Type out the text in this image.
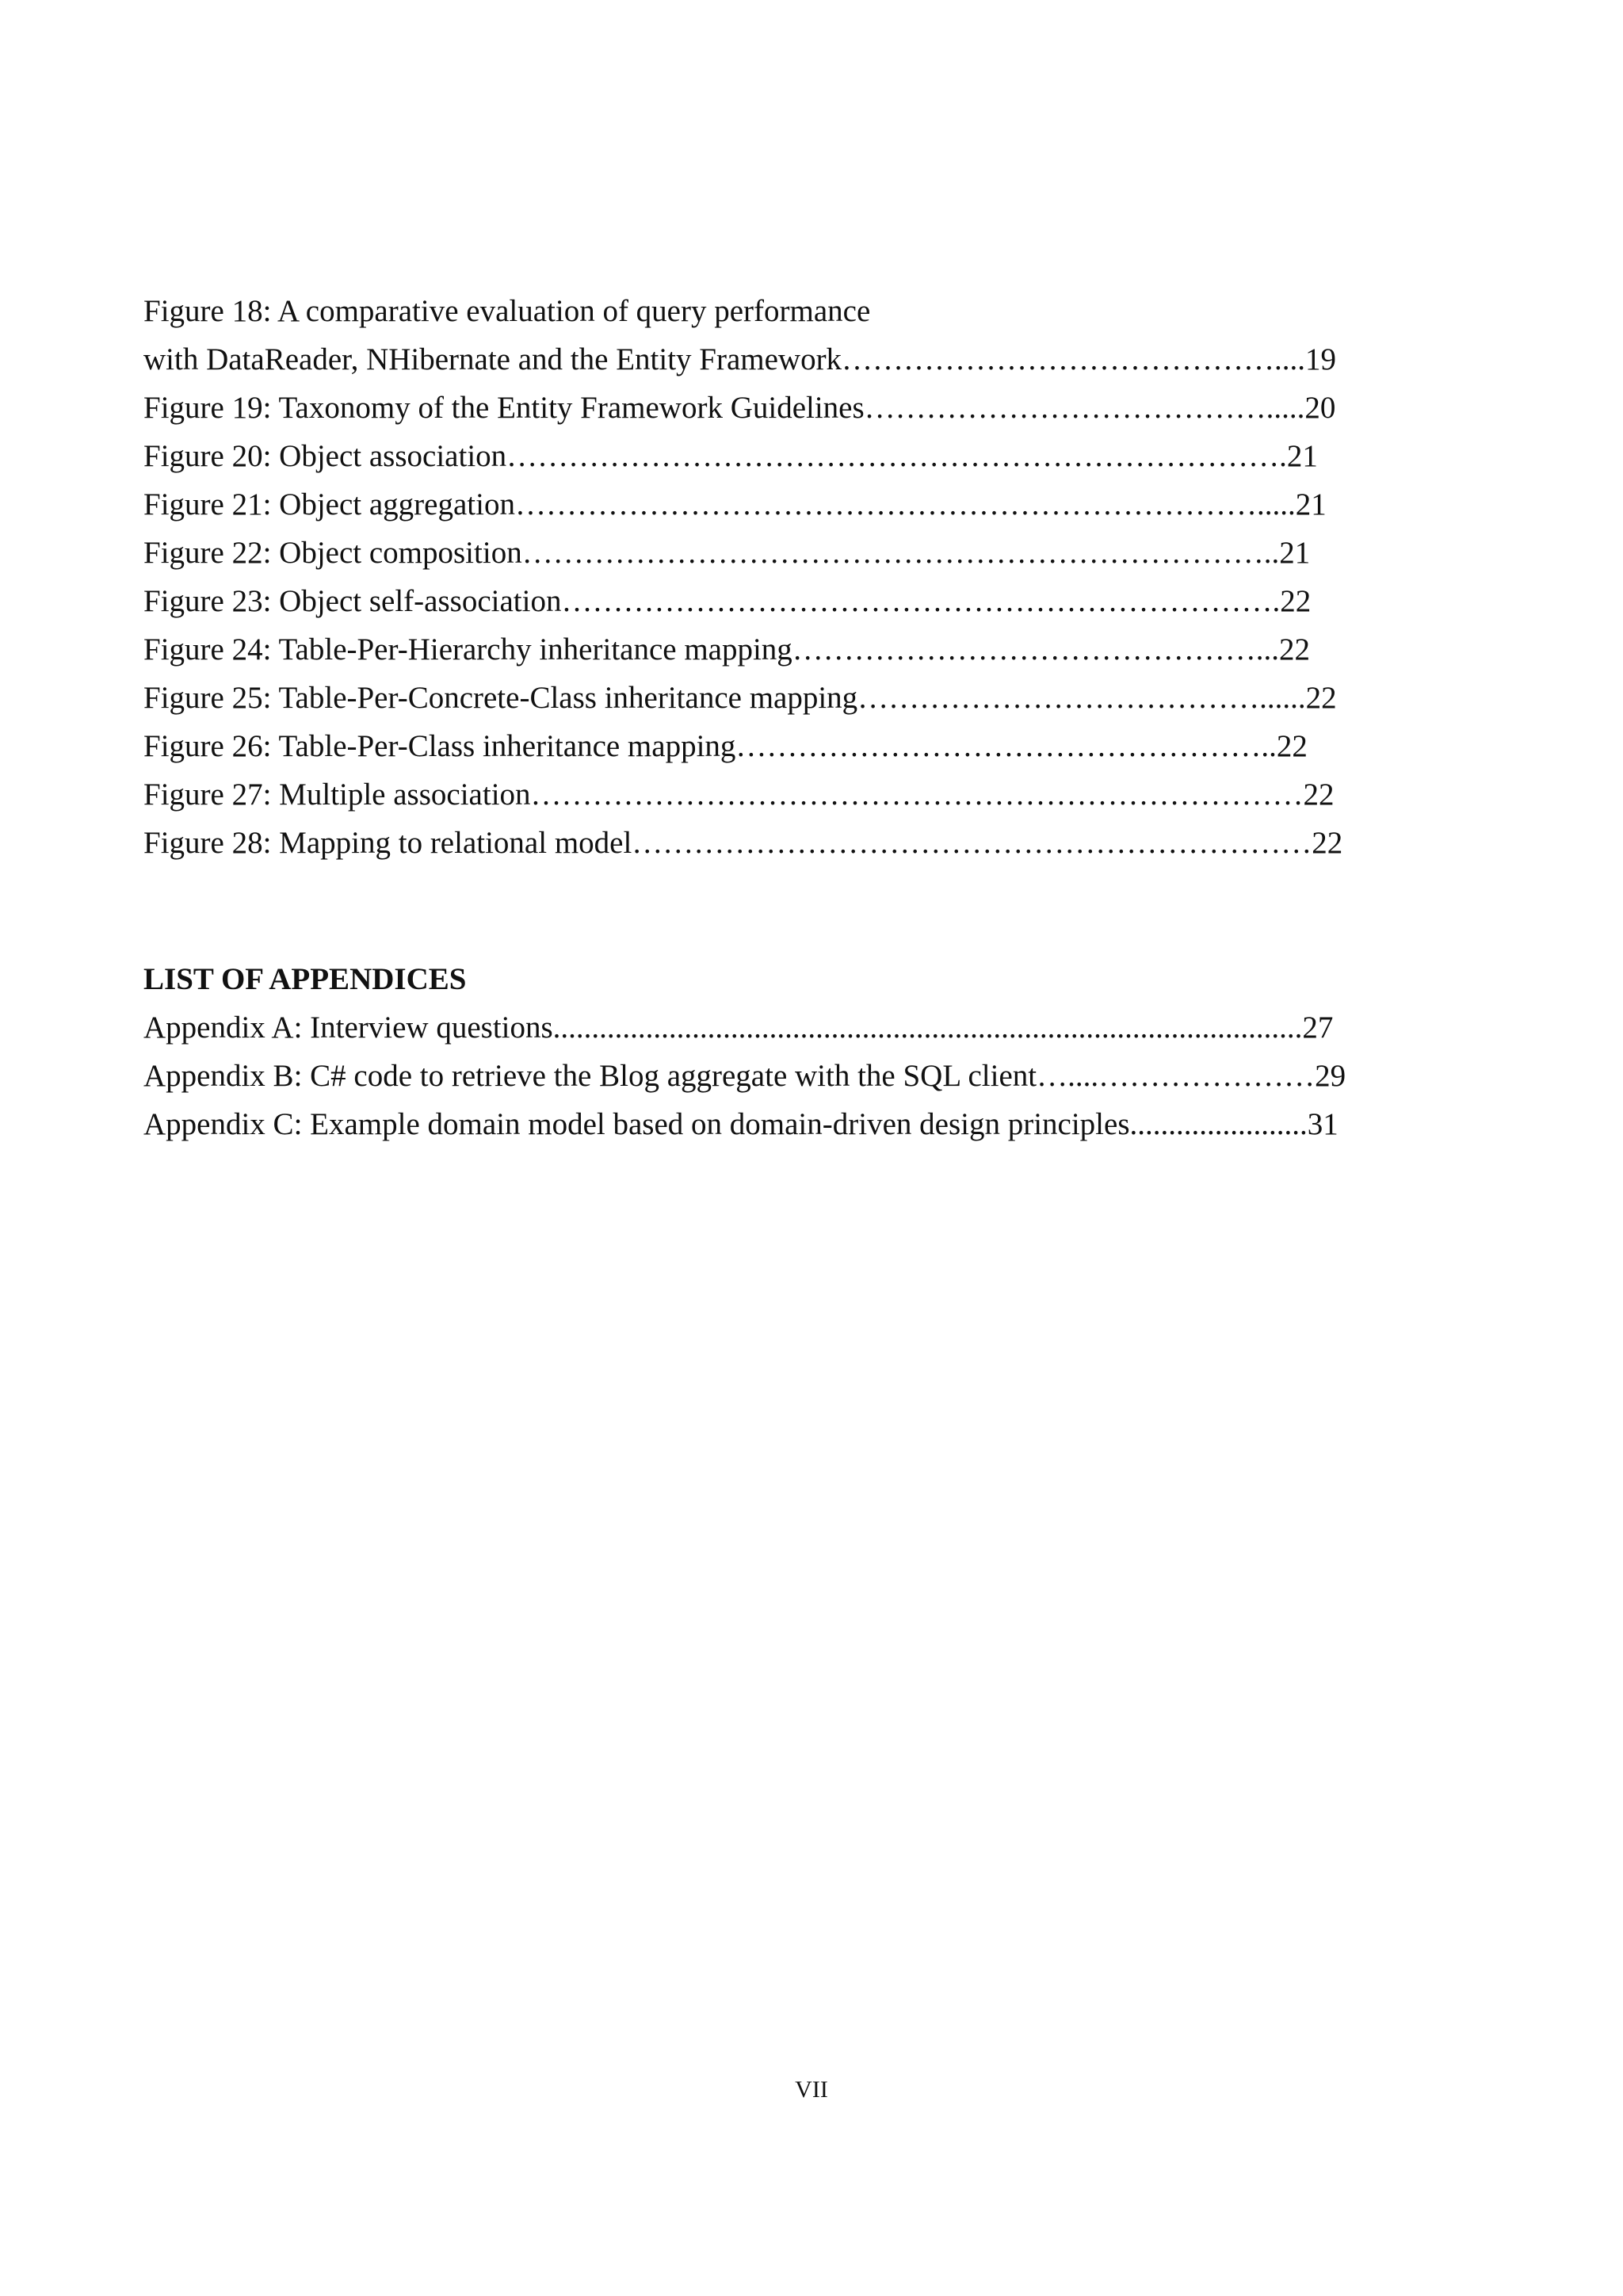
Figure 18: A comparative evaluation of query performance
with DataReader, NHibernate and the Entity Framework……………………………………....19
Figure 19: Taxonomy of the Entity Framework Guidelines………………………………….....20
Figure 20: Object association………………………………………………………………….21
Figure 21: Object aggregation……………………………………………………………….....21
Figure 22: Object composition………………………………………………………………..21
Figure 23: Object self-association…………………………………………………………….22
Figure 24: Table-Per-Hierarchy inheritance mapping………………………………………...22
Figure 25: Table-Per-Concrete-Class inheritance mapping…………………………………......22
Figure 26: Table-Per-Class inheritance mapping……………………………………………..22
Figure 27: Multiple association…………………………………………………………………22
Figure 28: Mapping to relational model…………………………………………………………22
LIST OF APPENDICES
Appendix A: Interview questions.................................................................................................27
Appendix B: C# code to retrieve the Blog aggregate with the SQL client…....…………………29
Appendix C: Example domain model based on domain-driven design principles.......................31
VII
